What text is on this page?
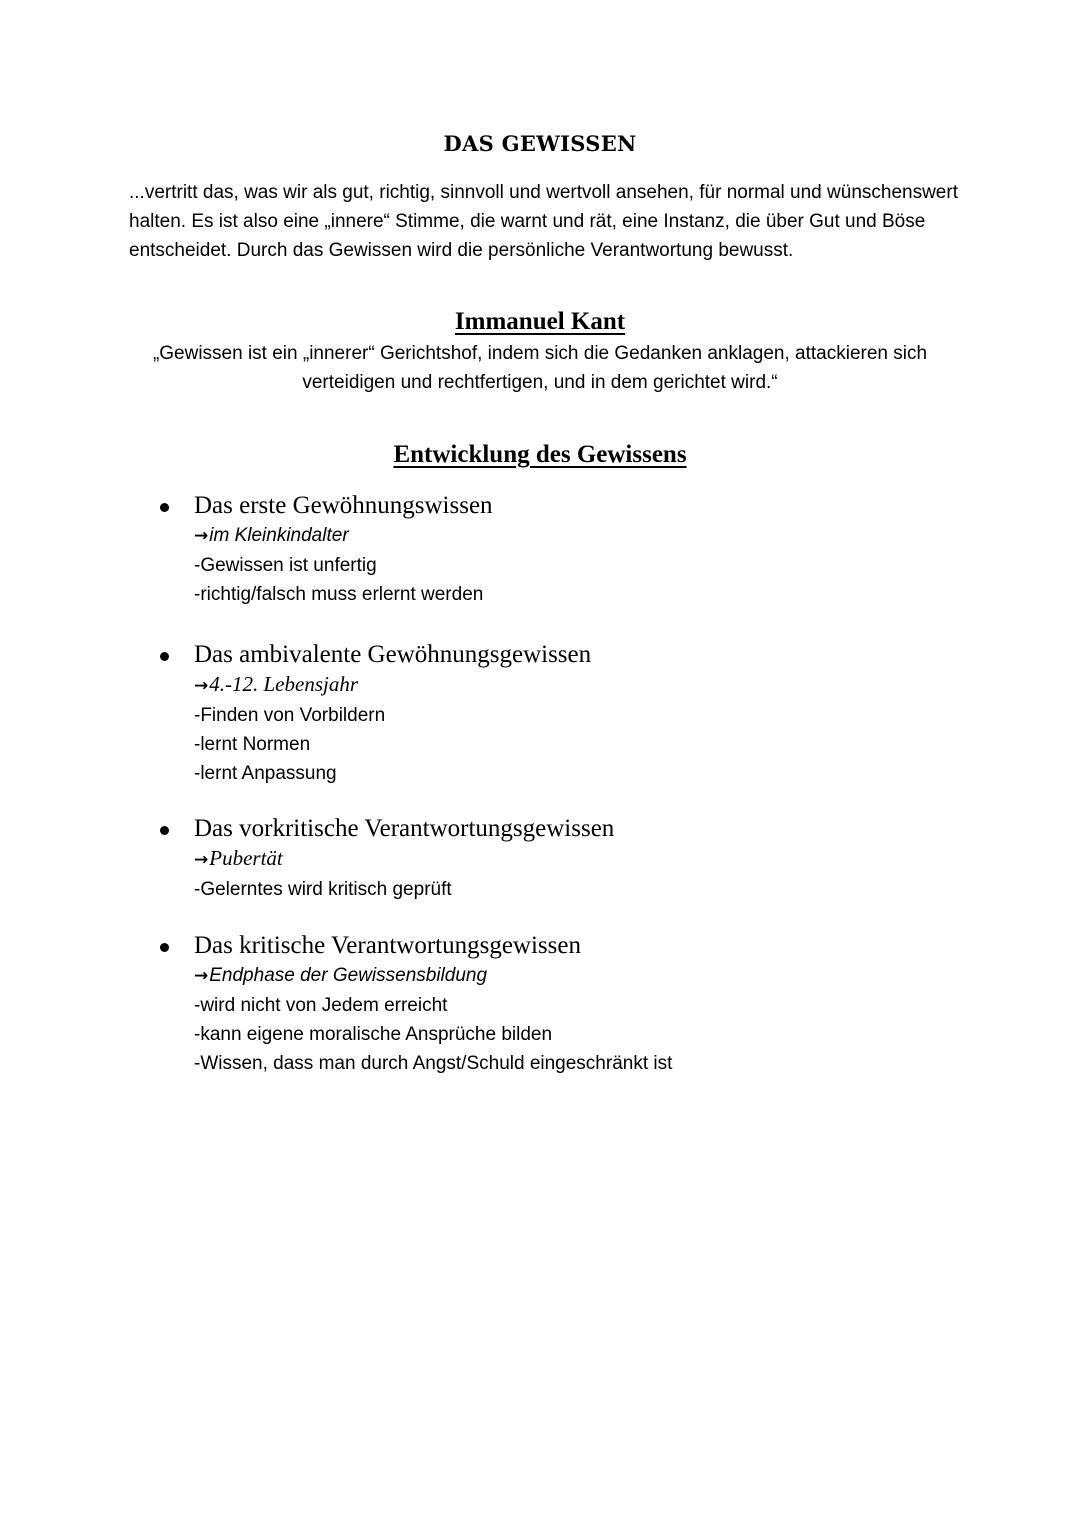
DAS GEWISSEN

...vertritt das, was wir als gut, richtig, sinnvoll und wertvoll ansehen, für normal und wünschenswert halten. Es ist also eine „innere“ Stimme, die warnt und rät, eine Instanz, die über Gut und Böse entscheidet. Durch das Gewissen wird die persönliche Verantwortung bewusst.

Immanuel Kant

„Gewissen ist ein „innerer“ Gerichtshof, indem sich die Gedanken anklagen, attackieren sich verteidigen und rechtfertigen, und in dem gerichtet wird.“

Entwicklung des Gewissens
Das erste Gewöhnungswissen
→im Kleinkindalter
-Gewissen ist unfertig
-richtig/falsch muss erlernt werden
Das ambivalente Gewöhnungsgewissen
→4.-12. Lebensjahr
-Finden von Vorbildern
-lernt Normen
-lernt Anpassung
Das vorkritische Verantwortungsgewissen
→Pubertät
-Gelerntes wird kritisch geprüft
Das kritische Verantwortungsgewissen
→Endphase der Gewissensbildung
-wird nicht von Jedem erreicht
-kann eigene moralische Ansprüche bilden
-Wissen, dass man durch Angst/Schuld eingeschränkt ist
